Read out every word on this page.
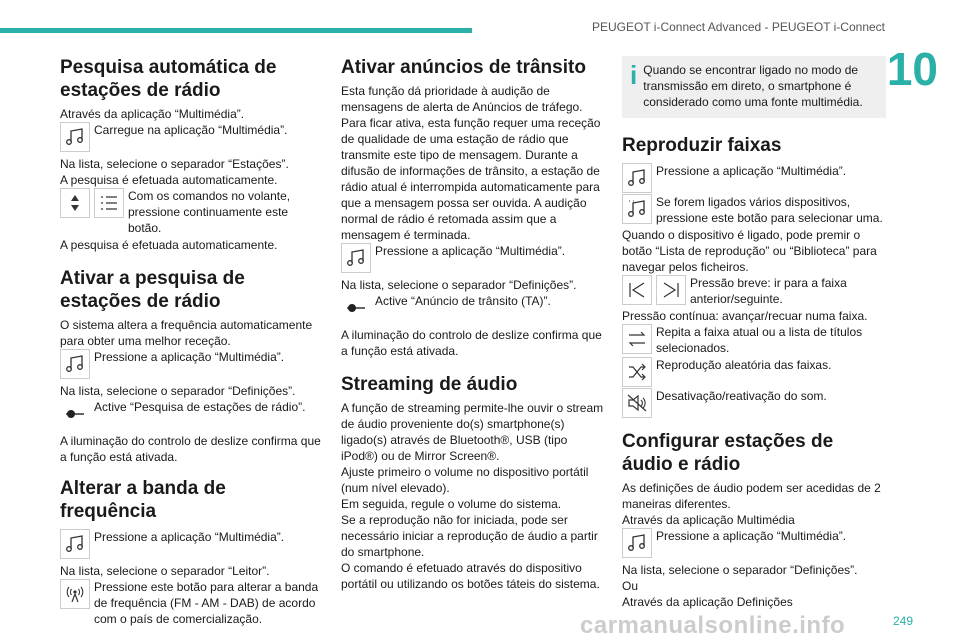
PEUGEOT i-Connect Advanced - PEUGEOT i-Connect
10
Pesquisa automática de estações de rádio

Através da aplicação “Multimédia”.

Carregue na aplicação “Multimédia”.

Na lista, selecione o separador “Estações”.

A pesquisa é efetuada automaticamente.

Com os comandos no volante, pressione continuamente este botão.

A pesquisa é efetuada automaticamente.

Ativar a pesquisa de estações de rádio

O sistema altera a frequência automaticamente para obter uma melhor receção.

Pressione a aplicação “Multimédia”.

Na lista, selecione o separador “Definições”.

Active “Pesquisa de estações de rádio”.

A iluminação do controlo de deslize confirma que a função está ativada.

Alterar a banda de frequência
Pressione a aplicação “Multimédia”.

Na lista, selecione o separador “Leitor”.

Pressione este botão para alterar a banda de frequência (FM - AM - DAB) de acordo com o país de comercialização.
Ativar anúncios de trânsito

Esta função dá prioridade à audição de mensagens de alerta de Anúncios de tráfego. Para ficar ativa, esta função requer uma receção de qualidade de uma estação de rádio que transmite este tipo de mensagem. Durante a difusão de informações de trânsito, a estação de rádio atual é interrompida automaticamente para que a mensagem possa ser ouvida. A audição normal de rádio é retomada assim que a mensagem é terminada.

Pressione a aplicação “Multimédia”.

Na lista, selecione o separador “Definições”.

Active “Anúncio de trânsito (TA)”.

A iluminação do controlo de deslize confirma que a função está ativada.

Streaming de áudio

A função de streaming permite-lhe ouvir o stream de áudio proveniente do(s) smartphone(s) ligado(s) através de Bluetooth®, USB (tipo iPod®) ou de Mirror Screen®.

Ajuste primeiro o volume no dispositivo portátil (num nível elevado).

Em seguida, regule o volume do sistema.

Se a reprodução não for iniciada, pode ser necessário iniciar a reprodução de áudio a partir do smartphone.

O comando é efetuado através do dispositivo portátil ou utilizando os botões táteis do sistema.

i Quando se encontrar ligado no modo de transmissão em direto, o smartphone é considerado como uma fonte multimédia.
Reproduzir faixas
Pressione a aplicação “Multimédia”.
Se forem ligados vários dispositivos, pressione este botão para selecionar uma.

Quando o dispositivo é ligado, pode premir o botão “Lista de reprodução” ou “Biblioteca” para navegar pelos ficheiros.

Pressão breve: ir para a faixa anterior/seguinte.

Pressão contínua: avançar/recuar numa faixa.

Repita a faixa atual ou a lista de títulos selecionados.
Reprodução aleatória das faixas.
Desativação/reativação do som.
Configurar estações de áudio e rádio

As definições de áudio podem ser acedidas de 2 maneiras diferentes.

Através da aplicação Multimédia

Pressione a aplicação “Multimédia”.

Na lista, selecione o separador “Definições”.

Ou

Através da aplicação Definições

carmanualsonline.info	249
